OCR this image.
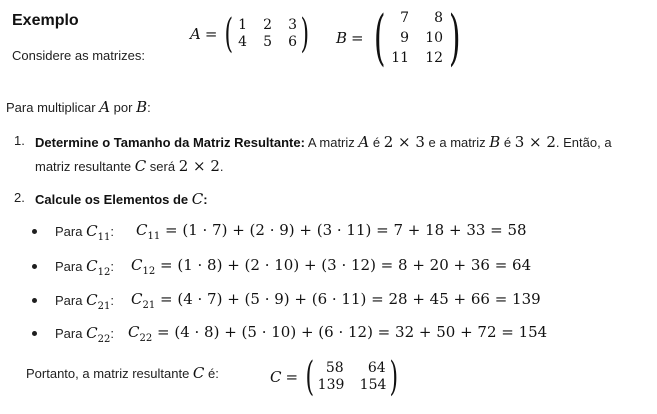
Exemplo
Considere as matrizes:
A = ( 1 2 3
4 5 6 ) B = (	7	8
9 10
11 12 )
Para multiplicar A por B:
1. Determine o Tamanho da Matriz Resultante: A matriz A é 2 × 3 e a matriz B é 3 × 2. Então, a
matriz resultante C será 2 × 2.
2. Calcule os Elementos de C:
Para $C_{11}$: $C_{11} = (1 \cdot 7) + (2 \cdot 9) + (3 \cdot 11) = 7 + 18 + 33 = 58$
Para $C_{12}$: $C_{12} = (1 \cdot 8) + (2 \cdot 10) + (3 \cdot 12) = 8 + 20 + 36 = 64$
Para $C_{21}$: $C_{21} = (4 \cdot 7) + (5 \cdot 9) + (6 \cdot 11) = 28 + 45 + 66 = 139$
Para $C_{22}$: $C_{22} = (4 \cdot 8) + (5 \cdot 10) + (6 \cdot 12) = 32 + 50 + 72 = 154$
Portanto, a matriz resultante C é:	C = ( 58	64
139 154 )
